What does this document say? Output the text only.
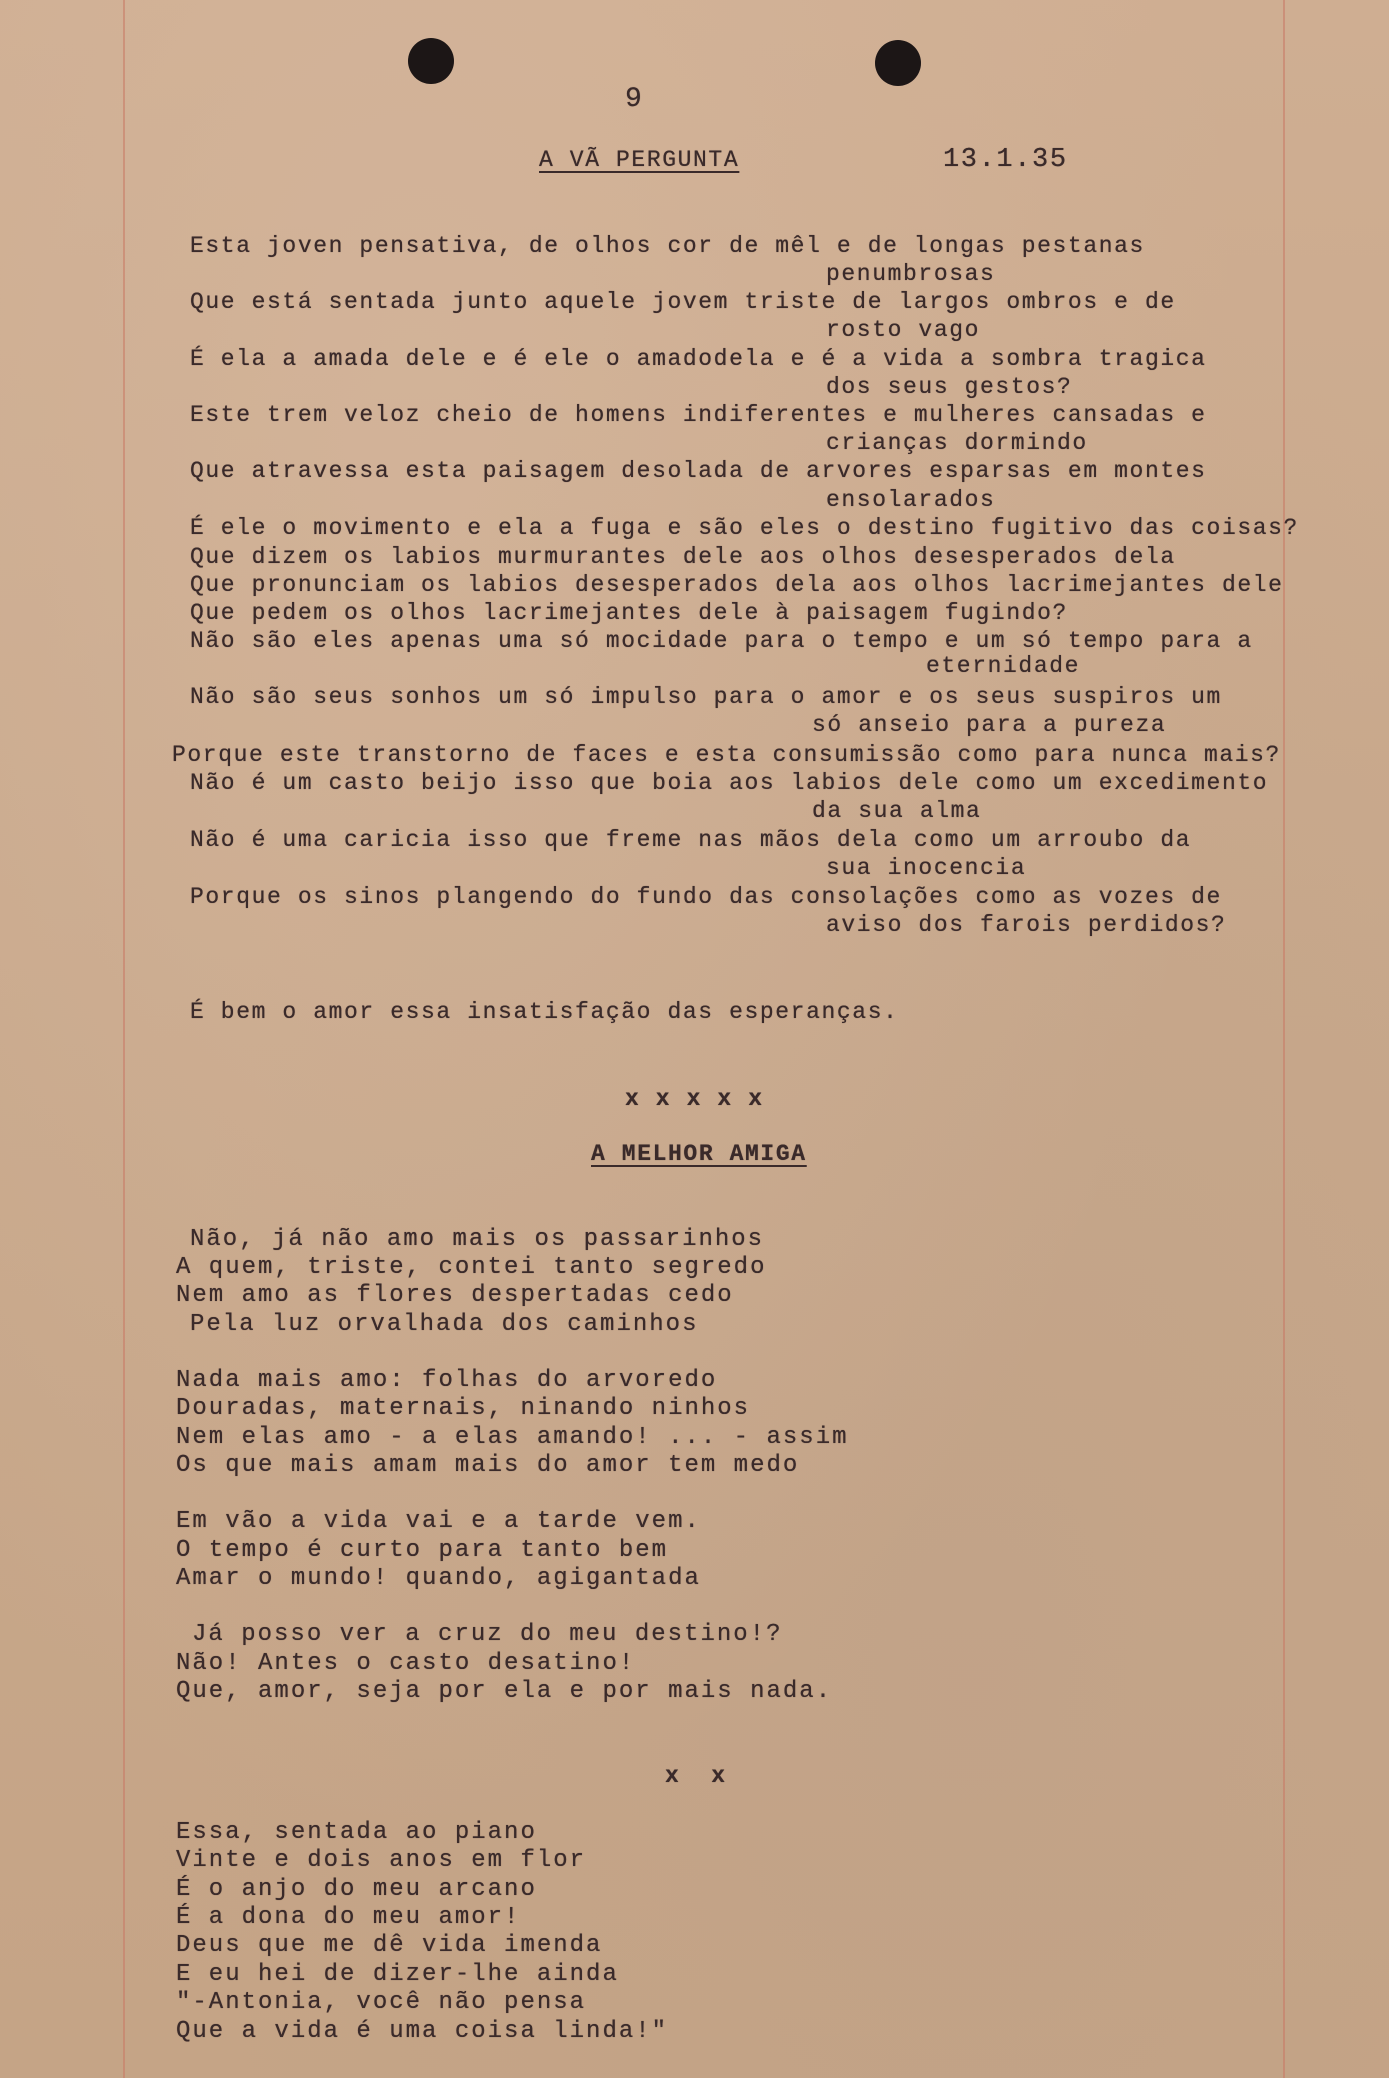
9
A VÃ PERGUNTA	13.1.35
Esta joven pensativa, de olhos cor de mêl e de longas pestanas
penumbrosas
Que está sentada junto aquele jovem triste de largos ombros e de
rosto vago
É ela a amada dele e é ele o amadodela e é a vida a sombra tragica
dos seus gestos?
Este trem veloz cheio de homens indiferentes e mulheres cansadas e
crianças dormindo
Que atravessa esta paisagem desolada de arvores esparsas em montes
ensolarados
É ele o movimento e ela a fuga e são eles o destino fugitivo das coisas?
Que dizem os labios murmurantes dele aos olhos desesperados dela
Que pronunciam os labios desesperados dela aos olhos lacrimejantes dele
Que pedem os olhos lacrimejantes dele à paisagem fugindo?
Não são eles apenas uma só mocidade para o tempo e um só tempo para a
eternidade
Não são seus sonhos um só impulso para o amor e os seus suspiros um
só anseio para a pureza
Porque este transtorno de faces e esta consumissão como para nunca mais?
Não é um casto beijo isso que boia aos labios dele como um excedimento
da sua alma
Não é uma caricia isso que freme nas mãos dela como um arroubo da
sua inocencia
Porque os sinos plangendo do fundo das consolações como as vozes de
aviso dos farois perdidos?
É bem o amor essa insatisfação das esperanças.
x x x x x
A MELHOR AMIGA
Não, já não amo mais os passarinhos
A quem, triste, contei tanto segredo
Nem amo as flores despertadas cedo
Pela luz orvalhada dos caminhos
Nada mais amo: folhas do arvoredo
Douradas, maternais, ninando ninhos
Nem elas amo - a elas amando! ... - assim
Os que mais amam mais do amor tem medo
Em vão a vida vai e a tarde vem.
O tempo é curto para tanto bem
Amar o mundo! quando, agigantada
Já posso ver a cruz do meu destino!?
Não! Antes o casto desatino!
Que, amor, seja por ela e por mais nada.
x  x
Essa, sentada ao piano
Vinte e dois anos em flor
É o anjo do meu arcano
É a dona do meu amor!
Deus que me dê vida imenda
E eu hei de dizer-lhe ainda
"-Antonia, você não pensa
Que a vida é uma coisa linda!"
